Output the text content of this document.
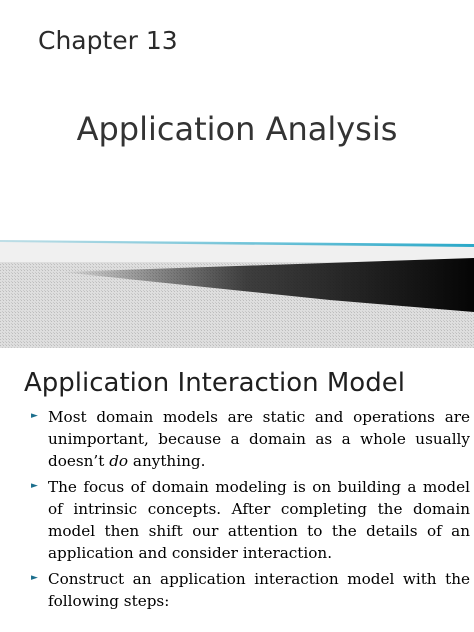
Chapter 13
Application Analysis
Application Interaction Model
► Most domain models are static and operations are unimportant, because a domain as a whole usually doesn’t do anything.
► The focus of domain modeling is on building a model of intrinsic concepts. After completing the domain model then shift our attention to the details of an application and consider interaction.
► Construct an application interaction model with the following steps:
